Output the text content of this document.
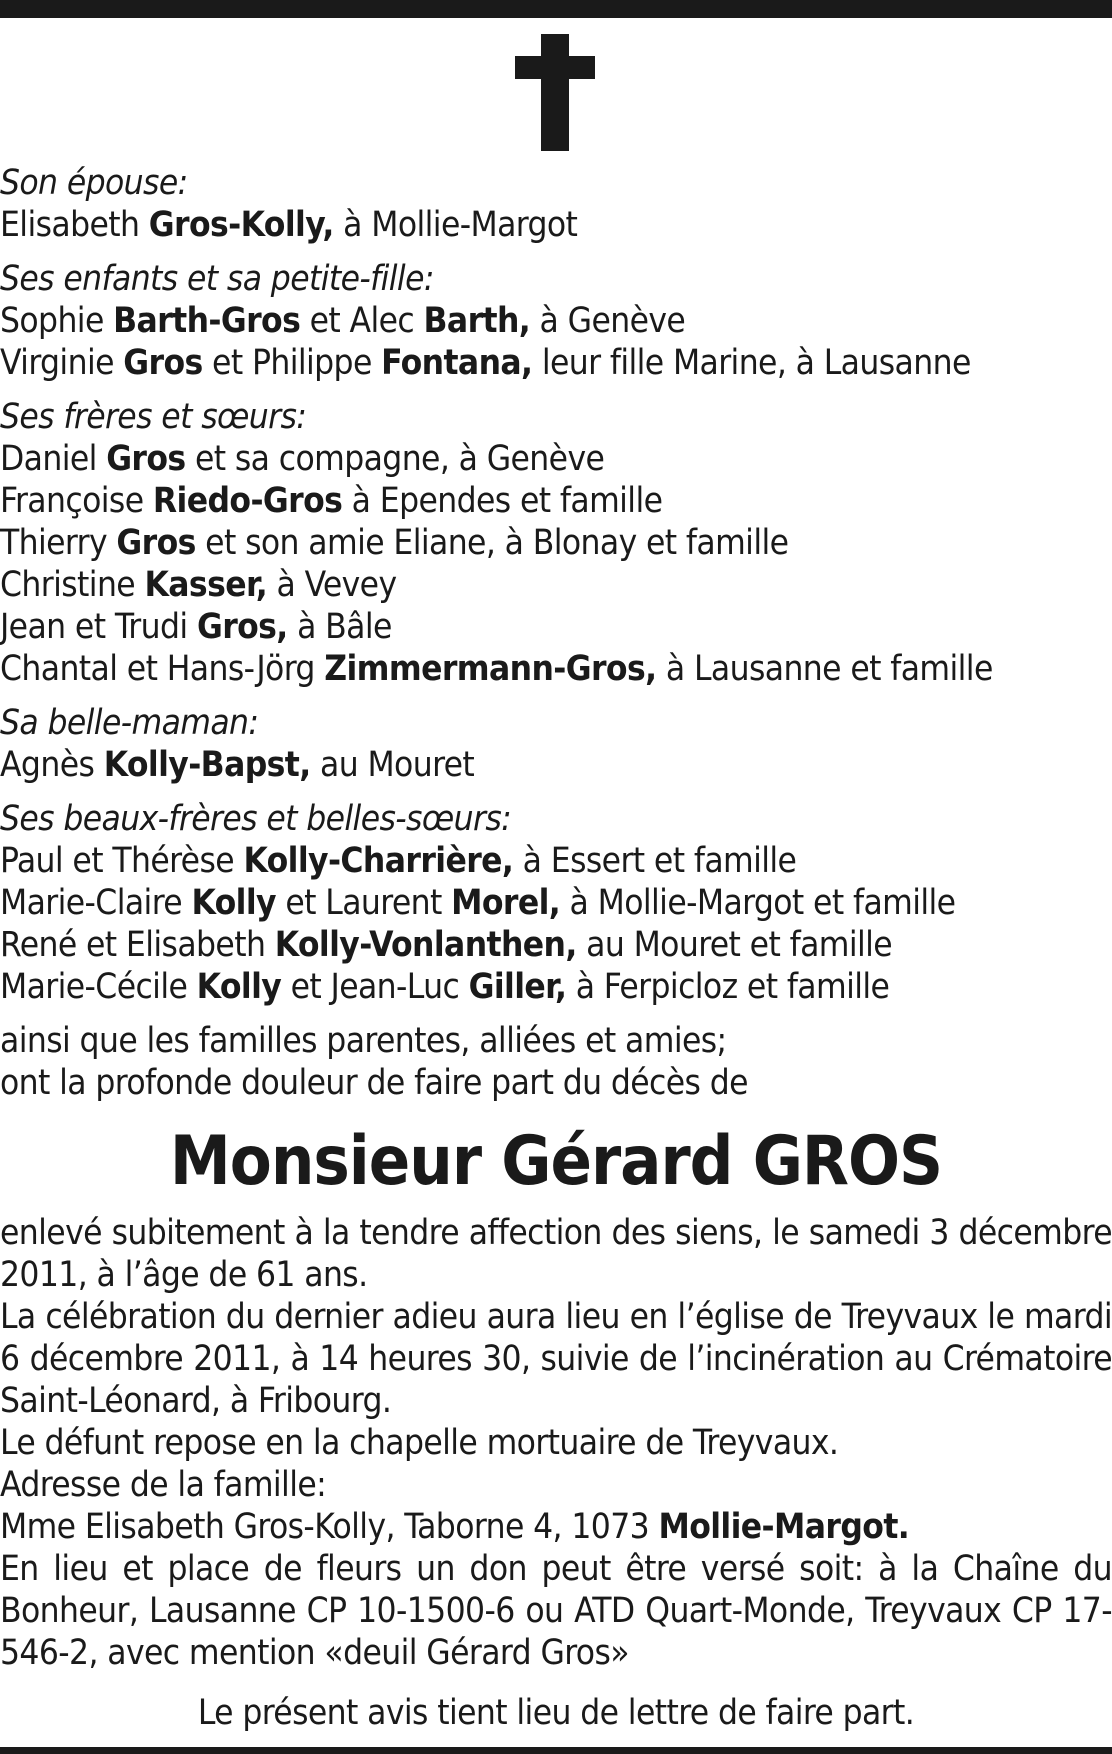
Son épouse:
Elisabeth Gros-Kolly, à Mollie-Margot
Ses enfants et sa petite-fille:
Sophie Barth-Gros et Alec Barth, à Genève
Virginie Gros et Philippe Fontana, leur fille Marine, à Lausanne
Ses frères et sœurs:
Daniel Gros et sa compagne, à Genève
Françoise Riedo-Gros à Ependes et famille
Thierry Gros et son amie Eliane, à Blonay et famille
Christine Kasser, à Vevey
Jean et Trudi Gros, à Bâle
Chantal et Hans-Jörg Zimmermann-Gros, à Lausanne et famille
Sa belle-maman:
Agnès Kolly-Bapst, au Mouret
Ses beaux-frères et belles-sœurs:
Paul et Thérèse Kolly-Charrière, à Essert et famille
Marie-Claire Kolly et Laurent Morel, à Mollie-Margot et famille
René et Elisabeth Kolly-Vonlanthen, au Mouret et famille
Marie-Cécile Kolly et Jean-Luc Giller, à Ferpicloz et famille
ainsi que les familles parentes, alliées et amies;
ont la profonde douleur de faire part du décès de
Monsieur Gérard GROS
enlevé subitement à la tendre affection des siens, le samedi 3 décembre 2011, à l’âge de 61 ans.
La célébration du dernier adieu aura lieu en l’église de Treyvaux le mardi 6 décembre 2011, à 14 heures 30, suivie de l’incinération au Crématoire Saint-Léonard, à Fribourg.
Le défunt repose en la chapelle mortuaire de Treyvaux.
Adresse de la famille:
Mme Elisabeth Gros-Kolly, Taborne 4, 1073 Mollie-Margot.
En lieu et place de fleurs un don peut être versé soit: à la Chaîne du Bonheur, Lausanne CP 10-1500-6 ou ATD Quart-Monde, Treyvaux CP 17-546-2, avec mention «deuil Gérard Gros»
Le présent avis tient lieu de lettre de faire part.
